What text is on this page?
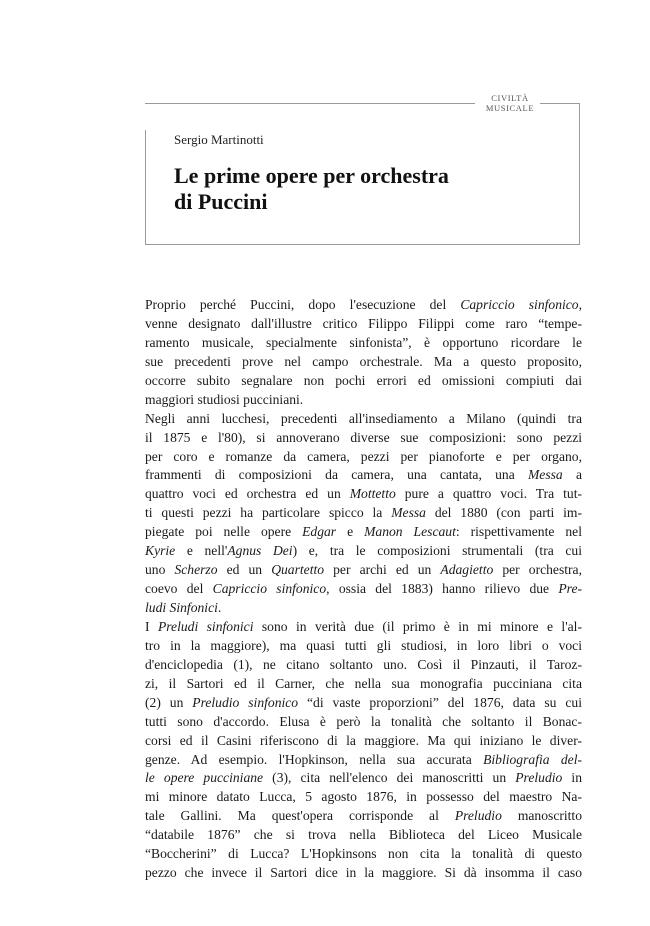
CIVILTÀ
MUSICALE
Sergio Martinotti
Le prime opere per orchestra
di Puccini
Proprio perché Puccini, dopo l'esecuzione del Capriccio sinfonico,
venne designato dall'illustre critico Filippo Filippi come raro “tempe-
ramento musicale, specialmente sinfonista”, è opportuno ricordare le
sue precedenti prove nel campo orchestrale. Ma a questo proposito,
occorre subito segnalare non pochi errori ed omissioni compiuti dai
maggiori studiosi pucciniani.
Negli anni lucchesi, precedenti all'insediamento a Milano (quindi tra
il 1875 e l'80), si annoverano diverse sue composizioni: sono pezzi
per coro e romanze da camera, pezzi per pianoforte e per organo,
frammenti di composizioni da camera, una cantata, una Messa a
quattro voci ed orchestra ed un Mottetto pure a quattro voci. Tra tut-
ti questi pezzi ha particolare spicco la Messa del 1880 (con parti im-
piegate poi nelle opere Edgar e Manon Lescaut: rispettivamente nel
Kyrie e nell'Agnus Dei) e, tra le composizioni strumentali (tra cui
uno Scherzo ed un Quartetto per archi ed un Adagietto per orchestra,
coevo del Capriccio sinfonico, ossia del 1883) hanno rilievo due Pre-
ludi Sinfonici.
I Preludi sinfonici sono in verità due (il primo è in mi minore e l'al-
tro in la maggiore), ma quasi tutti gli studiosi, in loro libri o voci
d'enciclopedia (1), ne citano soltanto uno. Così il Pinzauti, il Taroz-
zi, il Sartori ed il Carner, che nella sua monografia pucciniana cita
(2) un Preludio sinfonico “di vaste proporzioni” del 1876, data su cui
tutti sono d'accordo. Elusa è però la tonalità che soltanto il Bonac-
corsi ed il Casini riferiscono di la maggiore. Ma qui iniziano le diver-
genze. Ad esempio. l'Hopkinson, nella sua accurata Bibliografia del-
le opere pucciniane (3), cita nell'elenco dei manoscritti un Preludio in
mi minore datato Lucca, 5 agosto 1876, in possesso del maestro Na-
tale Gallini. Ma quest'opera corrisponde al Preludio manoscritto
“databile 1876” che si trova nella Biblioteca del Liceo Musicale
“Boccherini” di Lucca? L'Hopkinsons non cita la tonalità di questo
pezzo che invece il Sartori dice in la maggiore. Si dà insomma il caso
